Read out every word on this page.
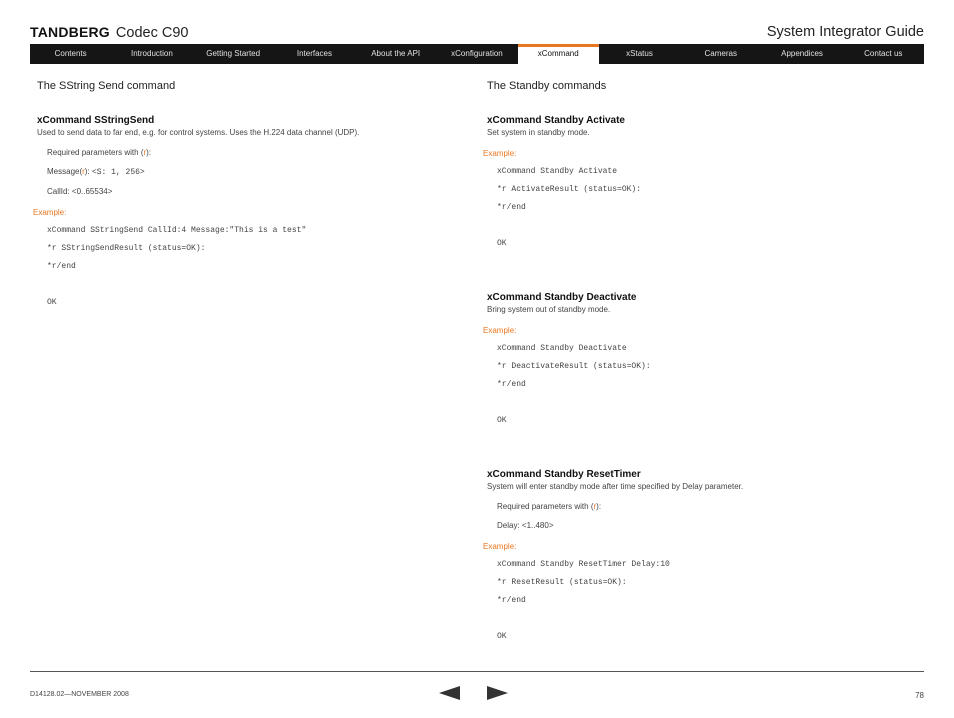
TANDBERG Codec C90	System Integrator Guide
Contents	Introduction	Getting Started	Interfaces	About the API	xConfiguration	xCommand	xStatus	Cameras	Appendices	Contact us
The SString Send command
xCommand SStringSend
Used to send data to far end, e.g. for control systems. Uses the H.224 data channel (UDP).
Required parameters with (r):
Message(r): <S: 1, 256>
CallId: <0..65534>
Example:
xCommand SStringSend CallId:4 Message:"This is a test"
*r SStringSendResult (status=OK):
*r/end
OK
The Standby commands
xCommand Standby Activate
Set system in standby mode.
Example:
xCommand Standby Activate
*r ActivateResult (status=OK):
*r/end
OK
xCommand Standby Deactivate
Bring system out of standby mode.
Example:
xCommand Standby Deactivate
*r DeactivateResult (status=OK):
*r/end
OK
xCommand Standby ResetTimer
System will enter standby mode after time specified by Delay parameter.
Required parameters with (r):
Delay: <1..480>
Example:
xCommand Standby ResetTimer Delay:10
*r ResetResult (status=OK):
*r/end
OK
D14128.02—NOVEMBER 2008	78
